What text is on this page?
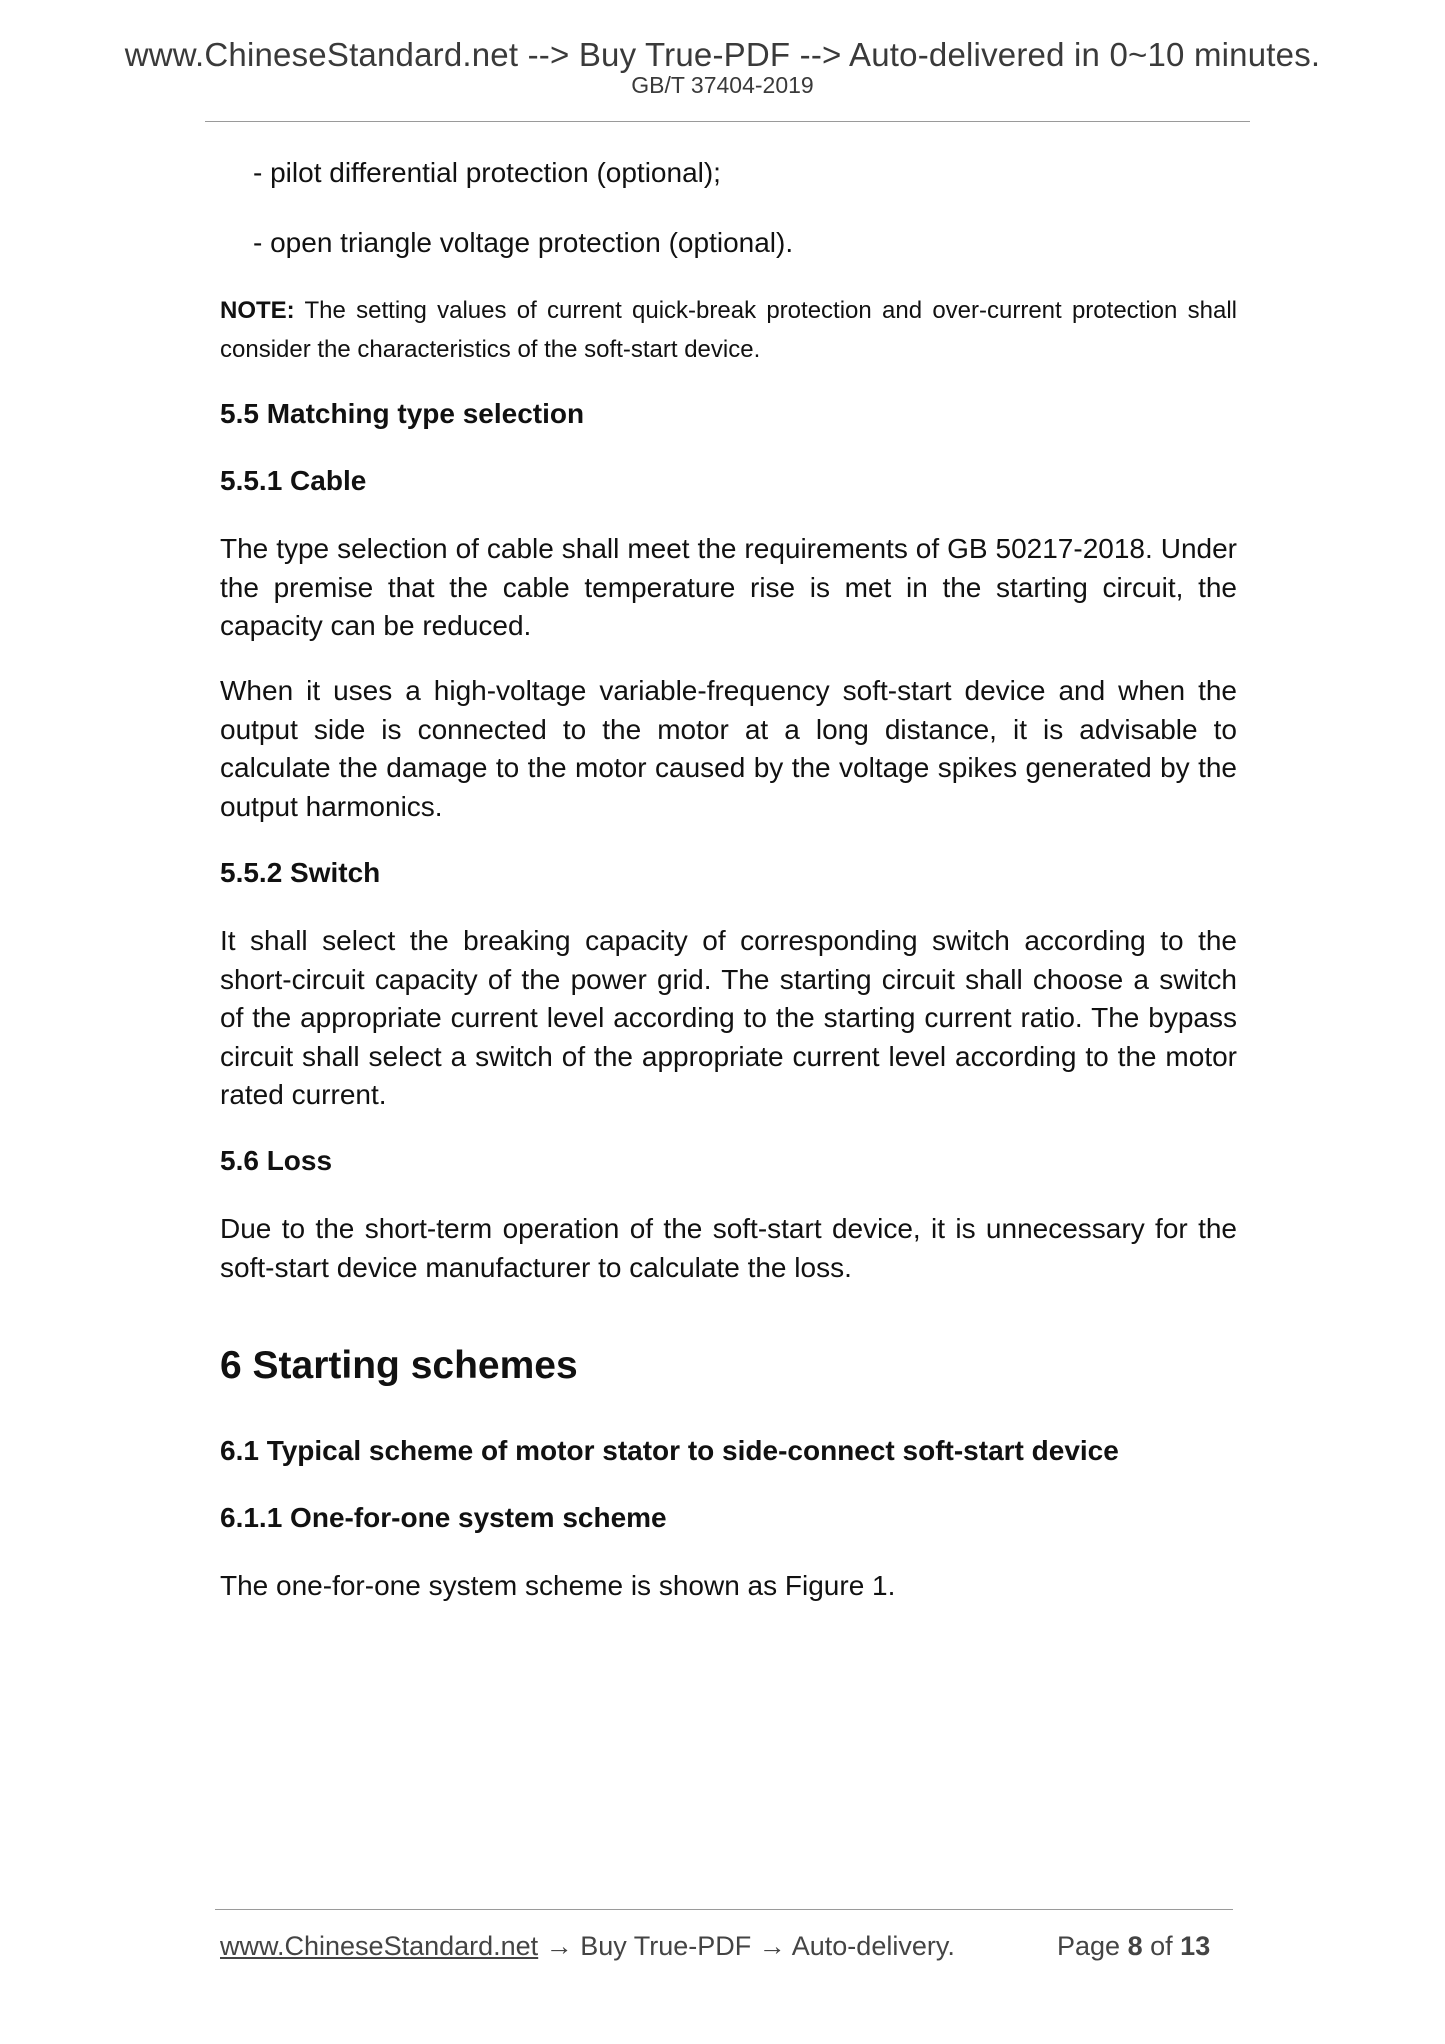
www.ChineseStandard.net --> Buy True-PDF --> Auto-delivered in 0~10 minutes.
GB/T 37404-2019

- pilot differential protection (optional);

- open triangle voltage protection (optional).

NOTE: The setting values of current quick-break protection and over-current protection shall consider the characteristics of the soft-start device.

5.5 Matching type selection
5.5.1 Cable

The type selection of cable shall meet the requirements of GB 50217-2018. Under the premise that the cable temperature rise is met in the starting circuit, the capacity can be reduced.

When it uses a high-voltage variable-frequency soft-start device and when the output side is connected to the motor at a long distance, it is advisable to calculate the damage to the motor caused by the voltage spikes generated by the output harmonics.

5.5.2 Switch

It shall select the breaking capacity of corresponding switch according to the short-circuit capacity of the power grid. The starting circuit shall choose a switch of the appropriate current level according to the starting current ratio. The bypass circuit shall select a switch of the appropriate current level according to the motor rated current.

5.6 Loss

Due to the short-term operation of the soft-start device, it is unnecessary for the soft-start device manufacturer to calculate the loss.

6 Starting schemes
6.1 Typical scheme of motor stator to side-connect soft-start device
6.1.1 One-for-one system scheme

The one-for-one system scheme is shown as Figure 1.

www.ChineseStandard.net → Buy True-PDF → Auto-delivery.	Page 8 of 13
